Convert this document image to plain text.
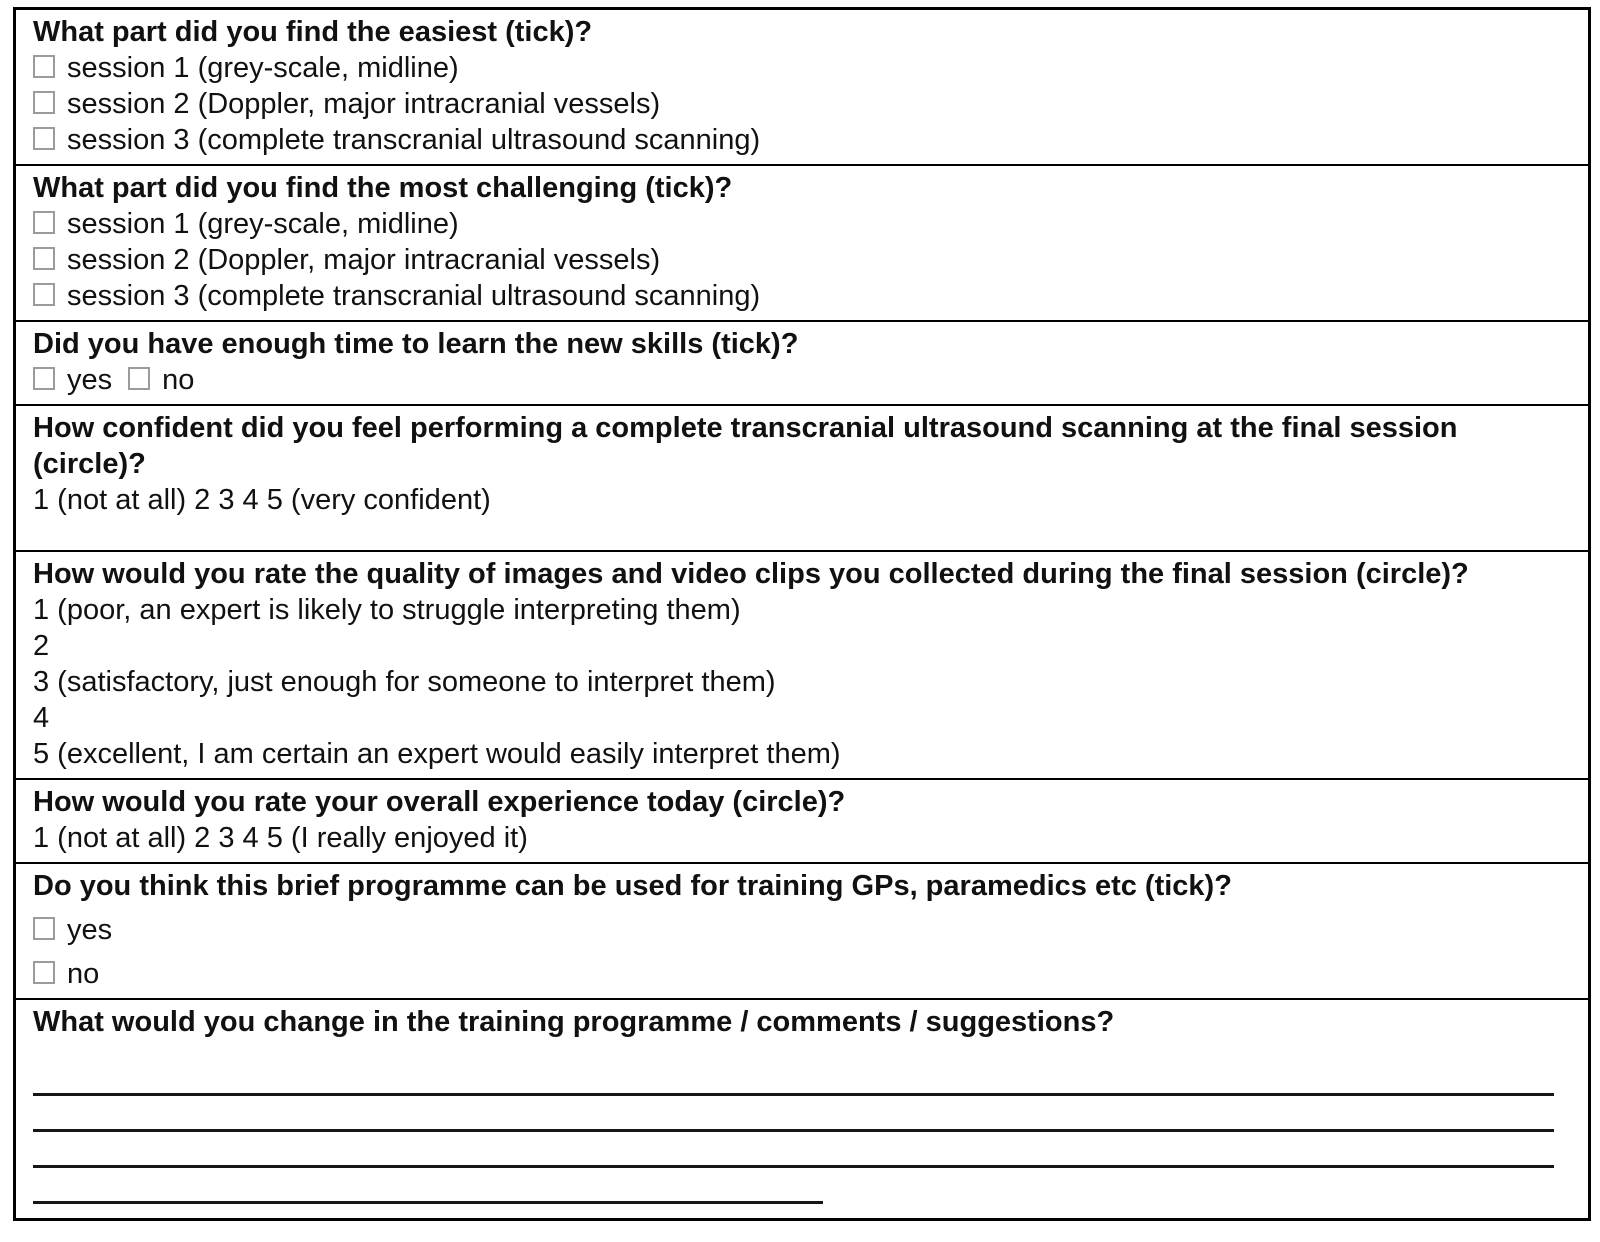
What part did you find the easiest (tick)?
session 1 (grey-scale, midline)
session 2 (Doppler, major intracranial vessels)
session 3 (complete transcranial ultrasound scanning)
What part did you find the most challenging (tick)?
session 1 (grey-scale, midline)
session 2 (Doppler, major intracranial vessels)
session 3 (complete transcranial ultrasound scanning)
Did you have enough time to learn the new skills (tick)?
yes no
How confident did you feel performing a complete transcranial ultrasound scanning at the final session (circle)?
1 (not at all) 2 3 4 5 (very confident)
How would you rate the quality of images and video clips you collected during the final session (circle)?
1 (poor, an expert is likely to struggle interpreting them)
2
3 (satisfactory, just enough for someone to interpret them)
4
5 (excellent, I am certain an expert would easily interpret them)
How would you rate your overall experience today (circle)?
1 (not at all) 2 3 4 5 (I really enjoyed it)
Do you think this brief programme can be used for training GPs, paramedics etc (tick)?
yes
no
What would you change in the training programme / comments / suggestions?
